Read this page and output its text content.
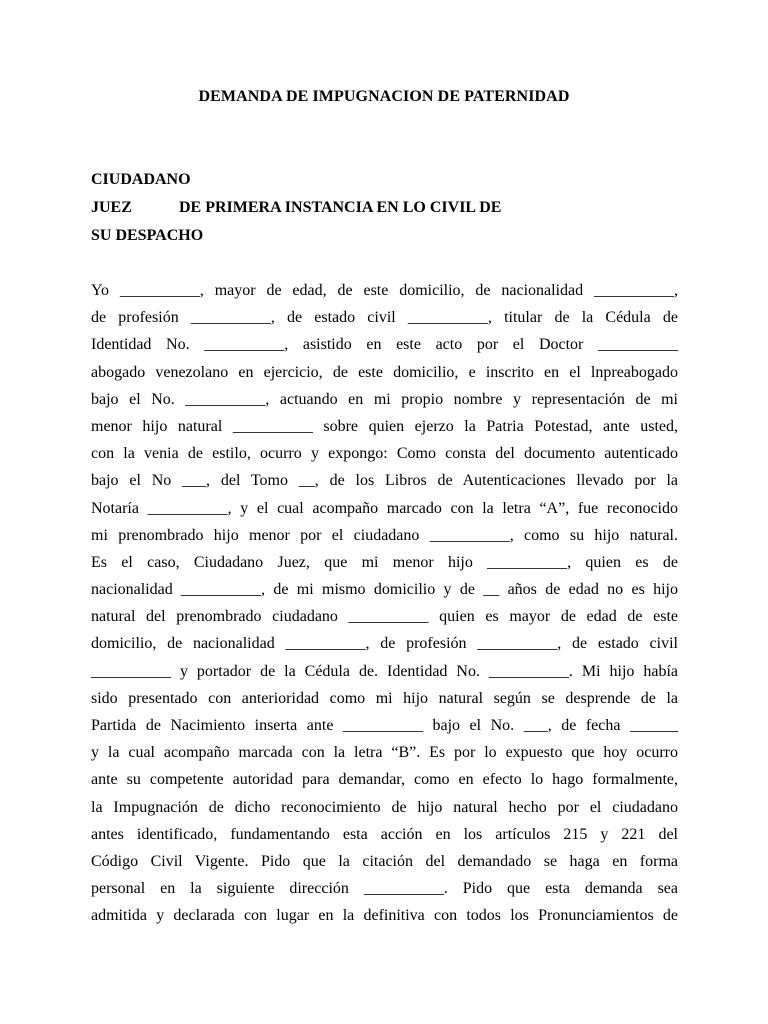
DEMANDA DE IMPUGNACION DE PATERNIDAD
CIUDADANO
JUEZ	DE PRIMERA INSTANCIA EN LO CIVIL DE
SU DESPACHO
Yo __________, mayor de edad, de este domicilio, de nacionalidad __________,
de profesión __________, de estado civil __________, titular de la Cédula de
Identidad No. __________, asistido en este acto por el Doctor __________
abogado venezolano en ejercicio, de este domicilio, e inscrito en el lnpreabogado
bajo el No. __________, actuando en mi propio nombre y representación de mi
menor hijo natural __________ sobre quien ejerzo la Patria Potestad, ante usted,
con la venia de estilo, ocurro y expongo: Como consta del documento autenticado
bajo el No ___, del Tomo __, de los Libros de Autenticaciones llevado por la
Notaría __________, y el cual acompaño marcado con la letra “A”, fue reconocido
mi prenombrado hijo menor por el ciudadano __________, como su hijo natural.
Es el caso, Ciudadano Juez, que mi menor hijo __________, quien es de
nacionalidad __________, de mi mismo domicilio y de __ años de edad no es hijo
natural del prenombrado ciudadano __________ quien es mayor de edad de este
domicilio, de nacionalidad __________, de profesión __________, de estado civil
__________ y portador de la Cédula de. Identidad No. __________. Mi hijo había
sido presentado con anterioridad como mi hijo natural según se desprende de la
Partida de Nacimiento inserta ante __________ bajo el No. ___, de fecha ______
y la cual acompaño marcada con la letra “B”. Es por lo expuesto que hoy ocurro
ante su competente autoridad para demandar, como en efecto lo hago formalmente,
la Impugnación de dicho reconocimiento de hijo natural hecho por el ciudadano
antes identificado, fundamentando esta acción en los artículos 215 y 221 del
Código Civil Vigente. Pido que la citación del demandado se haga en forma
personal en la siguiente dirección __________. Pido que esta demanda sea
admitida y declarada con lugar en la definitiva con todos los Pronunciamientos de
